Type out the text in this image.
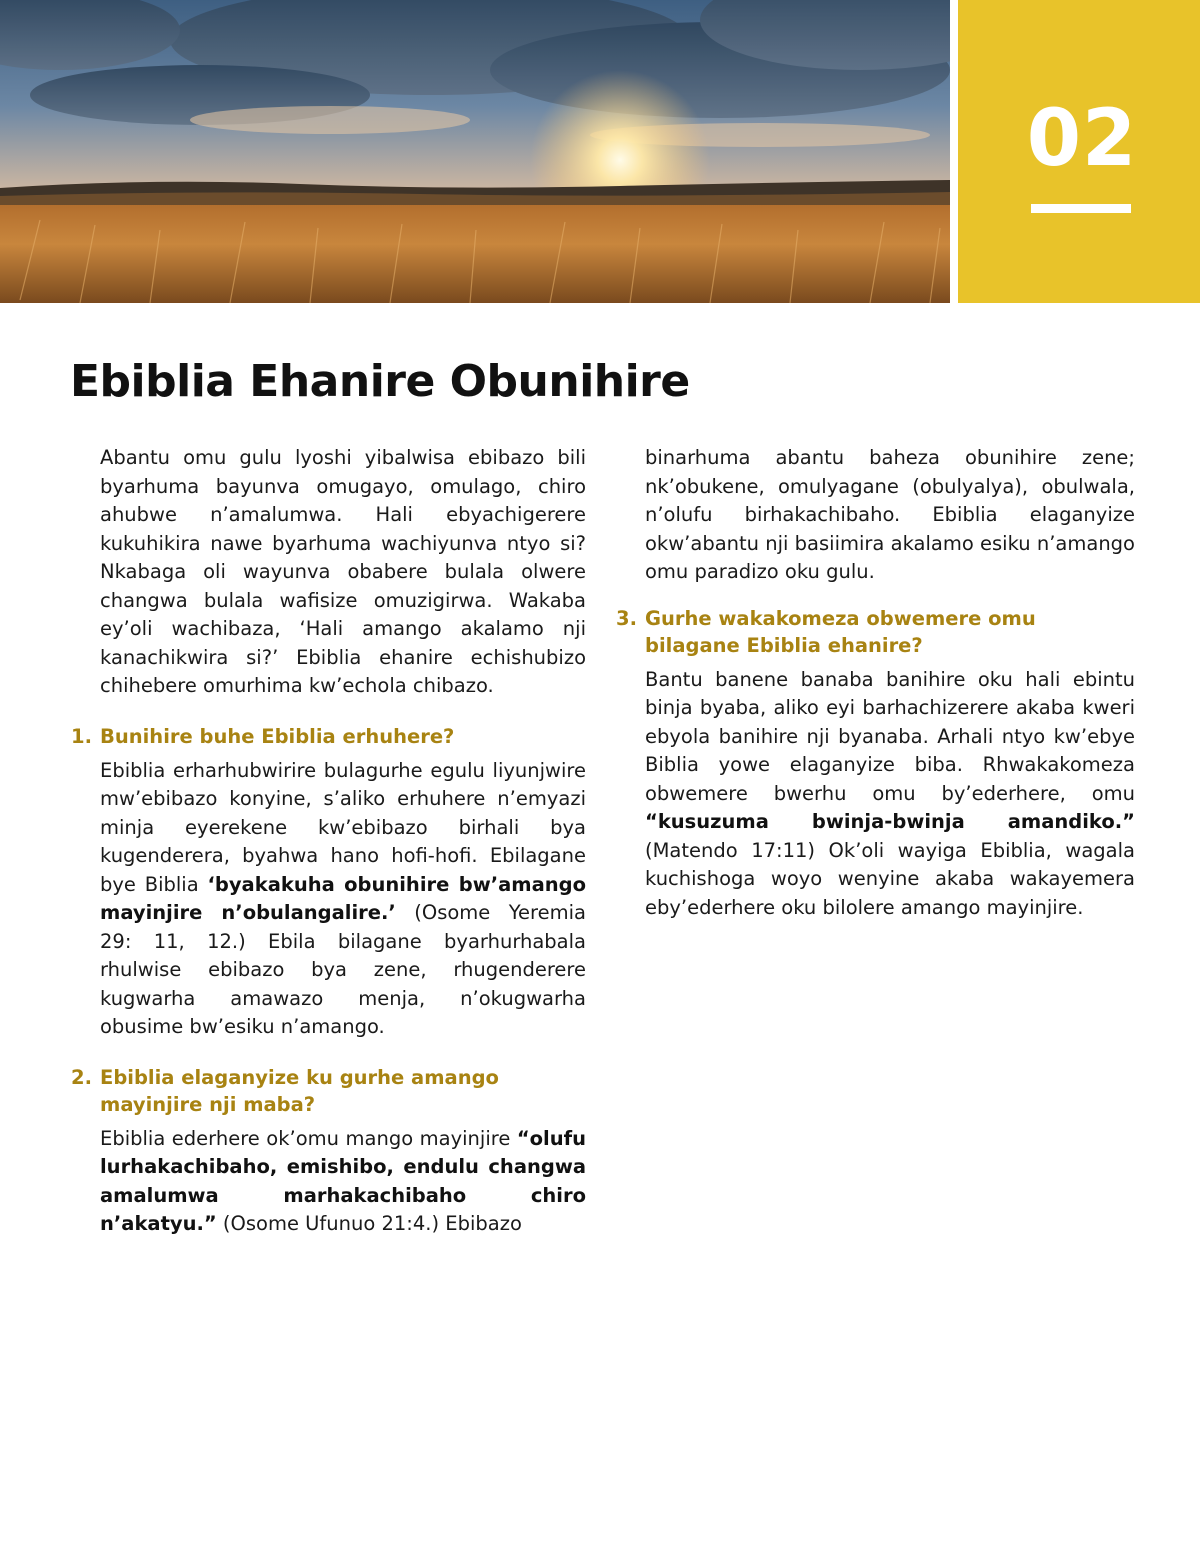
02
Ebiblia Ehanire Obunihire

Abantu omu gulu lyoshi yibalwisa ebibazo bili byarhuma bayunva omugayo, omulago, chiro ahubwe n’amalumwa. Hali ebyachigerere kukuhikira nawe byarhuma wachiyunva ntyo si? Nkabaga oli wayunva obabere bulala olwere changwa bulala wafisize omuzigirwa. Wakaba ey’oli wachibaza, ‘Hali amango akalamo nji kanachikwira si?’ Ebiblia ehanire echishubizo chihebere omurhima kw’echola chibazo.

1. Bunihire buhe Ebiblia erhuhere?

Ebiblia erharhubwirire bulagurhe egulu liyunjwire mw’ebibazo konyine, s’aliko erhuhere n’emyazi minja eyerekene kw’ebibazo birhali bya kugenderera, byahwa hano hofi-hofi. Ebilagane bye Biblia ‘byakakuha obunihire bw’amango mayinjire n’obulangalire.’ (Osome Yeremia 29: 11, 12.) Ebila bilagane byarhurhabala rhulwise ebibazo bya zene, rhugenderere kugwarha amawazo menja, n’okugwarha obusime bw’esiku n’amango.

2. Ebiblia elaganyize ku gurhe amango mayinjire nji maba?

Ebiblia ederhere ok’omu mango mayinjire “olufu lurhakachibaho, emishibo, endulu changwa amalumwa marhakachibaho chiro n’akatyu.” (Osome Ufunuo 21:4.) Ebibazo

binarhuma abantu baheza obunihire zene; nk’obukene, omulyagane (obulyalya), obulwala, n’olufu birhakachibaho. Ebiblia elaganyize okw’abantu nji basiimira akalamo esiku n’amango omu paradizo oku gulu.

3. Gurhe wakakomeza obwemere omu bilagane Ebiblia ehanire?

Bantu banene banaba banihire oku hali ebintu binja byaba, aliko eyi barhachizerere akaba kweri ebyola banihire nji byanaba. Arhali ntyo kw’ebye Biblia yowe elaganyize biba. Rhwakakomeza obwemere bwerhu omu by’ederhere, omu “kusuzuma bwinja-bwinja amandiko.” (Matendo 17:11) Ok’oli wayiga Ebiblia, wagala kuchishoga woyo wenyine akaba wakayemera eby’ederhere oku bilolere amango mayinjire.
